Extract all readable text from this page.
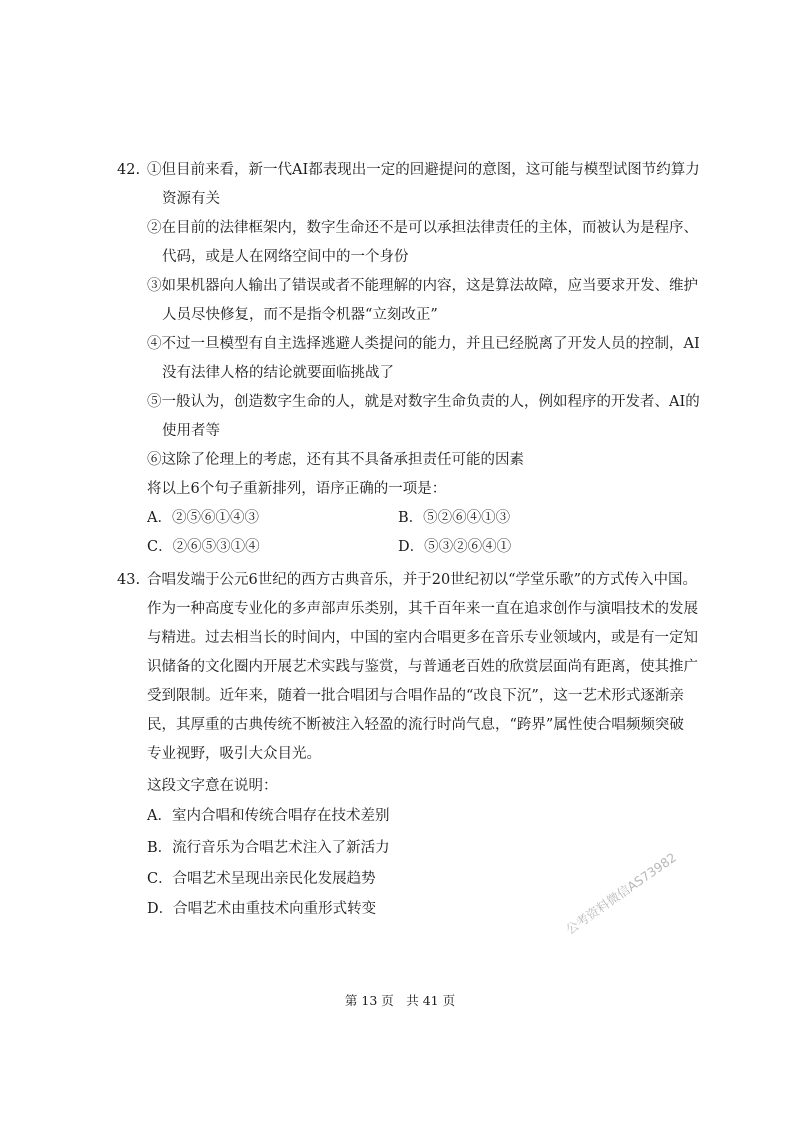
42. ①但目前来看，新一代AI都表现出一定的回避提问的意图，这可能与模型试图节约算力
资源有关
②在目前的法律框架内，数字生命还不是可以承担法律责任的主体，而被认为是程序、
代码，或是人在网络空间中的一个身份
③如果机器向人输出了错误或者不能理解的内容，这是算法故障，应当要求开发、维护
人员尽快修复，而不是指令机器“立刻改正”
④不过一旦模型有自主选择逃避人类提问的能力，并且已经脱离了开发人员的控制，AI
没有法律人格的结论就要面临挑战了
⑤一般认为，创造数字生命的人，就是对数字生命负责的人，例如程序的开发者、AI的
使用者等
⑥这除了伦理上的考虑，还有其不具备承担责任可能的因素
将以上6个句子重新排列，语序正确的一项是：
A．②⑤⑥①④③	B．⑤②⑥④①③
C．②⑥⑤③①④	D．⑤③②⑥④①
43. 合唱发端于公元6世纪的西方古典音乐，并于20世纪初以“学堂乐歌”的方式传入中国。
作为一种高度专业化的多声部声乐类别，其千百年来一直在追求创作与演唱技术的发展
与精进。过去相当长的时间内，中国的室内合唱更多在音乐专业领域内，或是有一定知
识储备的文化圈内开展艺术实践与鉴赏，与普通老百姓的欣赏层面尚有距离，使其推广
受到限制。近年来，随着一批合唱团与合唱作品的“改良下沉”，这一艺术形式逐渐亲
民，其厚重的古典传统不断被注入轻盈的流行时尚气息，“跨界”属性使合唱频频突破
专业视野，吸引大众目光。
这段文字意在说明：
A．室内合唱和传统合唱存在技术差别
B．流行音乐为合唱艺术注入了新活力
C．合唱艺术呈现出亲民化发展趋势
D．合唱艺术由重技术向重形式转变	公考资料微信AS73982
第 13 页　共 41 页
